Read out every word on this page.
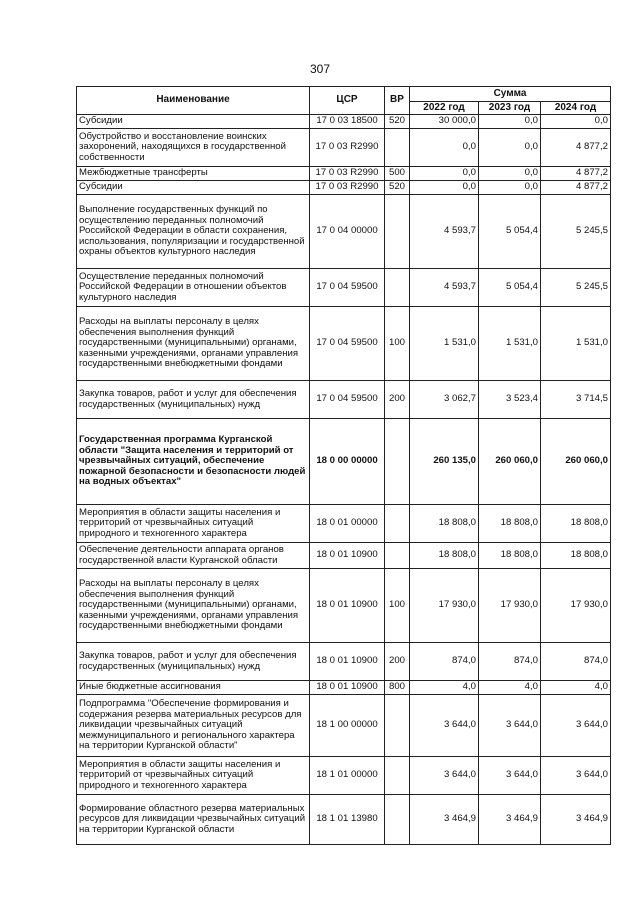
307
Наименование	ЦСР	ВР	Сумма		
			2022 год	2023 год	2024 год
Субсидии	17 0 03 18500	520	30 000,0	0,0	0,0
Обустройство и восстановление воинских захоронений, находящихся в государственной собственности	17 0 03 R2990		0,0	0,0	4 877,2
Межбюджетные трансферты	17 0 03 R2990	500	0,0	0,0	4 877,2
Субсидии	17 0 03 R2990	520	0,0	0,0	4 877,2
Выполнение государственных функций по осуществлению переданных полномочий Российской Федерации в области сохранения, использования, популяризации и государственной охраны объектов культурного наследия	17 0 04 00000		4 593,7	5 054,4	5 245,5
Осуществление переданных полномочий Российской Федерации в отношении объектов культурного наследия	17 0 04 59500		4 593,7	5 054,4	5 245,5
Расходы на выплаты персоналу в целях обеспечения выполнения функций государственными (муниципальными) органами, казенными учреждениями, органами управления государственными внебюджетными фондами	17 0 04 59500	100	1 531,0	1 531,0	1 531,0
Закупка товаров, работ и услуг для обеспечения государственных (муниципальных) нужд	17 0 04 59500	200	3 062,7	3 523,4	3 714,5
Государственная программа Курганской области "Защита населения и территорий от чрезвычайных ситуаций, обеспечение пожарной безопасности и безопасности людей на водных объектах"	18 0 00 00000		260 135,0	260 060,0	260 060,0
Мероприятия в области защиты населения и территорий от чрезвычайных ситуаций природного и техногенного характера	18 0 01 00000		18 808,0	18 808,0	18 808,0
Обеспечение деятельности аппарата органов государственной власти Курганской области	18 0 01 10900		18 808,0	18 808,0	18 808,0
Расходы на выплаты персоналу в целях обеспечения выполнения функций государственными (муниципальными) органами, казенными учреждениями, органами управления государственными внебюджетными фондами	18 0 01 10900	100	17 930,0	17 930,0	17 930,0
Закупка товаров, работ и услуг для обеспечения государственных (муниципальных) нужд	18 0 01 10900	200	874,0	874,0	874,0
Иные бюджетные ассигнования	18 0 01 10900	800	4,0	4,0	4,0
Подпрограмма "Обеспечение формирования и содержания резерва материальных ресурсов для ликвидации чрезвычайных ситуаций межмуниципального и регионального характера на территории Курганской области"	18 1 00 00000		3 644,0	3 644,0	3 644,0
Мероприятия в области защиты населения и территорий от чрезвычайных ситуаций природного и техногенного характера	18 1 01 00000		3 644,0	3 644,0	3 644,0
Формирование областного резерва материальных ресурсов для ликвидации чрезвычайных ситуаций на территории Курганской области	18 1 01 13980		3 464,9	3 464,9	3 464,9
